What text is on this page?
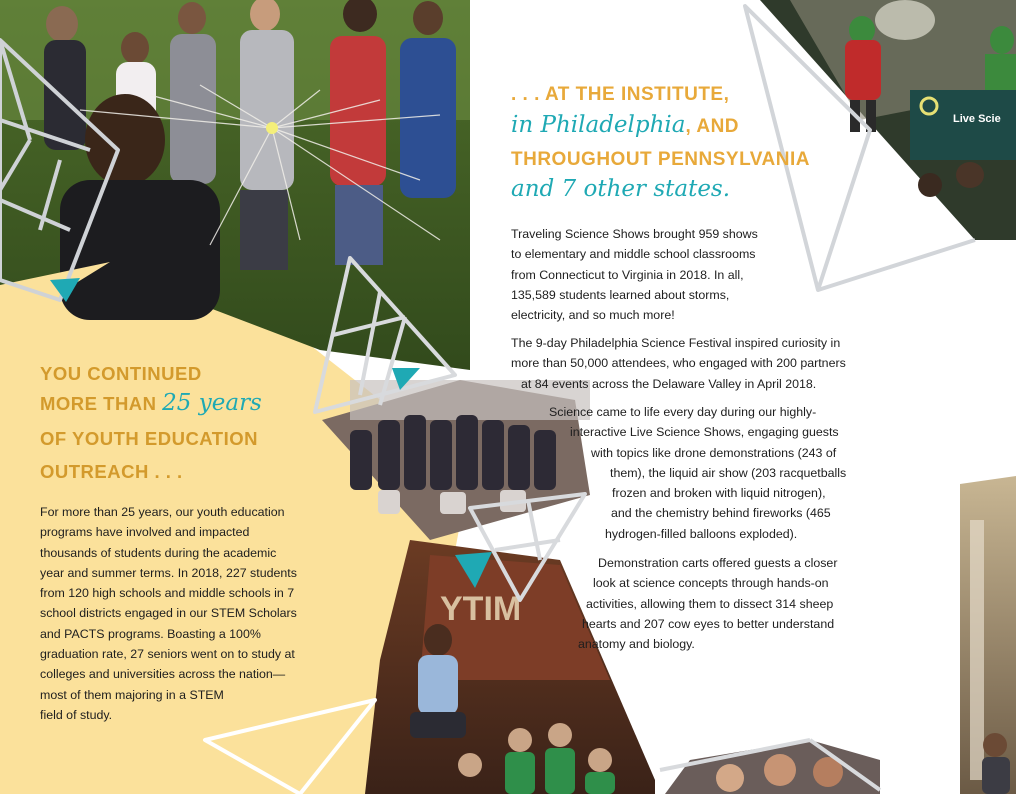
Live Scie
YTIM
. . . AT THE INSTITUTE,
in Philadelphia, AND
THROUGHOUT PENNSYLVANIA
and 7 other states.
Traveling Science Shows brought 959 shows
to elementary and middle school classrooms
from Connecticut to Virginia in 2018. In all,
135,589 students learned about storms,
electricity, and so much more!
The 9-day Philadelphia Science Festival inspired curiosity in
more than 50,000 attendees, who engaged with 200 partners
at 84 events across the Delaware Valley in April 2018.
Science came to life every day during our highly-
interactive Live Science Shows, engaging guests
with topics like drone demonstrations (243 of
them), the liquid air show (203 racquetballs
frozen and broken with liquid nitrogen),
and the chemistry behind fireworks (465
hydrogen-filled balloons exploded).
Demonstration carts offered guests a closer
look at science concepts through hands-on
activities, allowing them to dissect 314 sheep
hearts and 207 cow eyes to better understand
anatomy and biology.
YOU CONTINUED
MORE THAN 25 years
OF YOUTH EDUCATION
OUTREACH . . .
For more than 25 years, our youth education
programs have involved and impacted
thousands of students during the academic
year and summer terms. In 2018, 227 students
from 120 high schools and middle schools in 7
school districts engaged in our STEM Scholars
and PACTS programs. Boasting a 100%
graduation rate, 27 seniors went on to study at
colleges and universities across the nation—
most of them majoring in a STEM
field of study.
